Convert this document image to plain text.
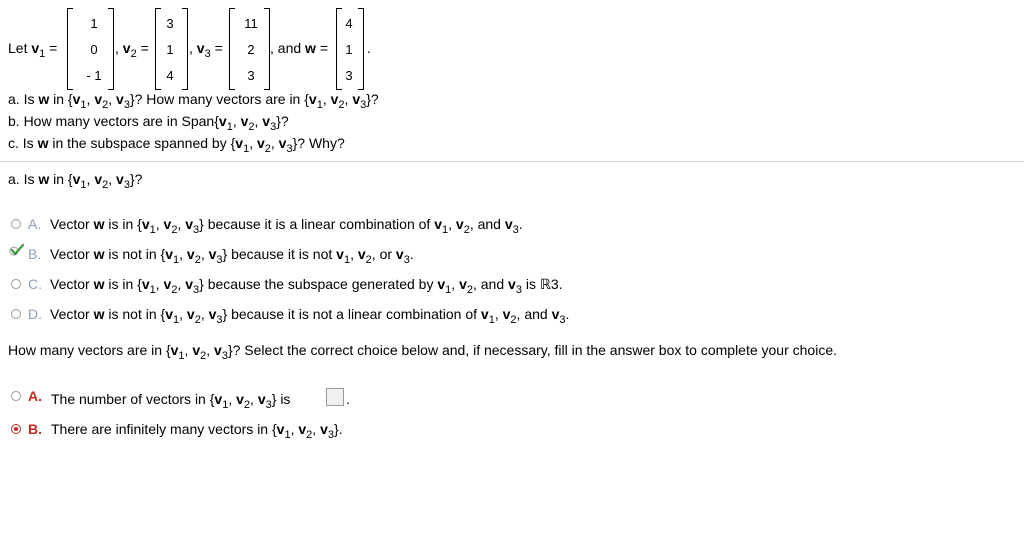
Let $v_1$ =
1
0
- 1
, $v_2$ =
3
1
4
, $v_3$ =
11
2
3
, and w =
4
1
3
.
a. Is w in {$v_1$, $v_2$, $v_3$}? How many vectors are in {$v_1$, $v_2$, $v_3$}?
b. How many vectors are in $Span\{v_1$, $v_2$, $v_3$}?
c. Is w in the subspace spanned by {$v_1$, $v_2$, $v_3$}? Why?
a. Is w in {$v_1$, $v_2$, $v_3$}?
A. Vector w is in {$v_1$, $v_2$, $v_3$} because it is a linear combination of $v_1$, $v_2$, and $v_3$.
B. Vector w is not in {$v_1$, $v_2$, $v_3$} because it is not $v_1$, $v_2$, or $v_3$.
C. Vector w is in {$v_1$, $v_2$, $v_3$} because the subspace generated by $v_1$, $v_2$, and $v_3$ is ℝ3.
D. Vector w is not in {$v_1$, $v_2$, $v_3$} because it is not a linear combination of $v_1$, $v_2$, and $v_3$.
How many vectors are in {$v_1$, $v_2$, $v_3$}? Select the correct choice below and, if necessary, fill in the answer box to complete your choice.
A. The number of vectors in {$v_1$, $v_2$, $v_3$} is	.
B. There are infinitely many vectors in {$v_1$, $v_2$, $v_3$}.
